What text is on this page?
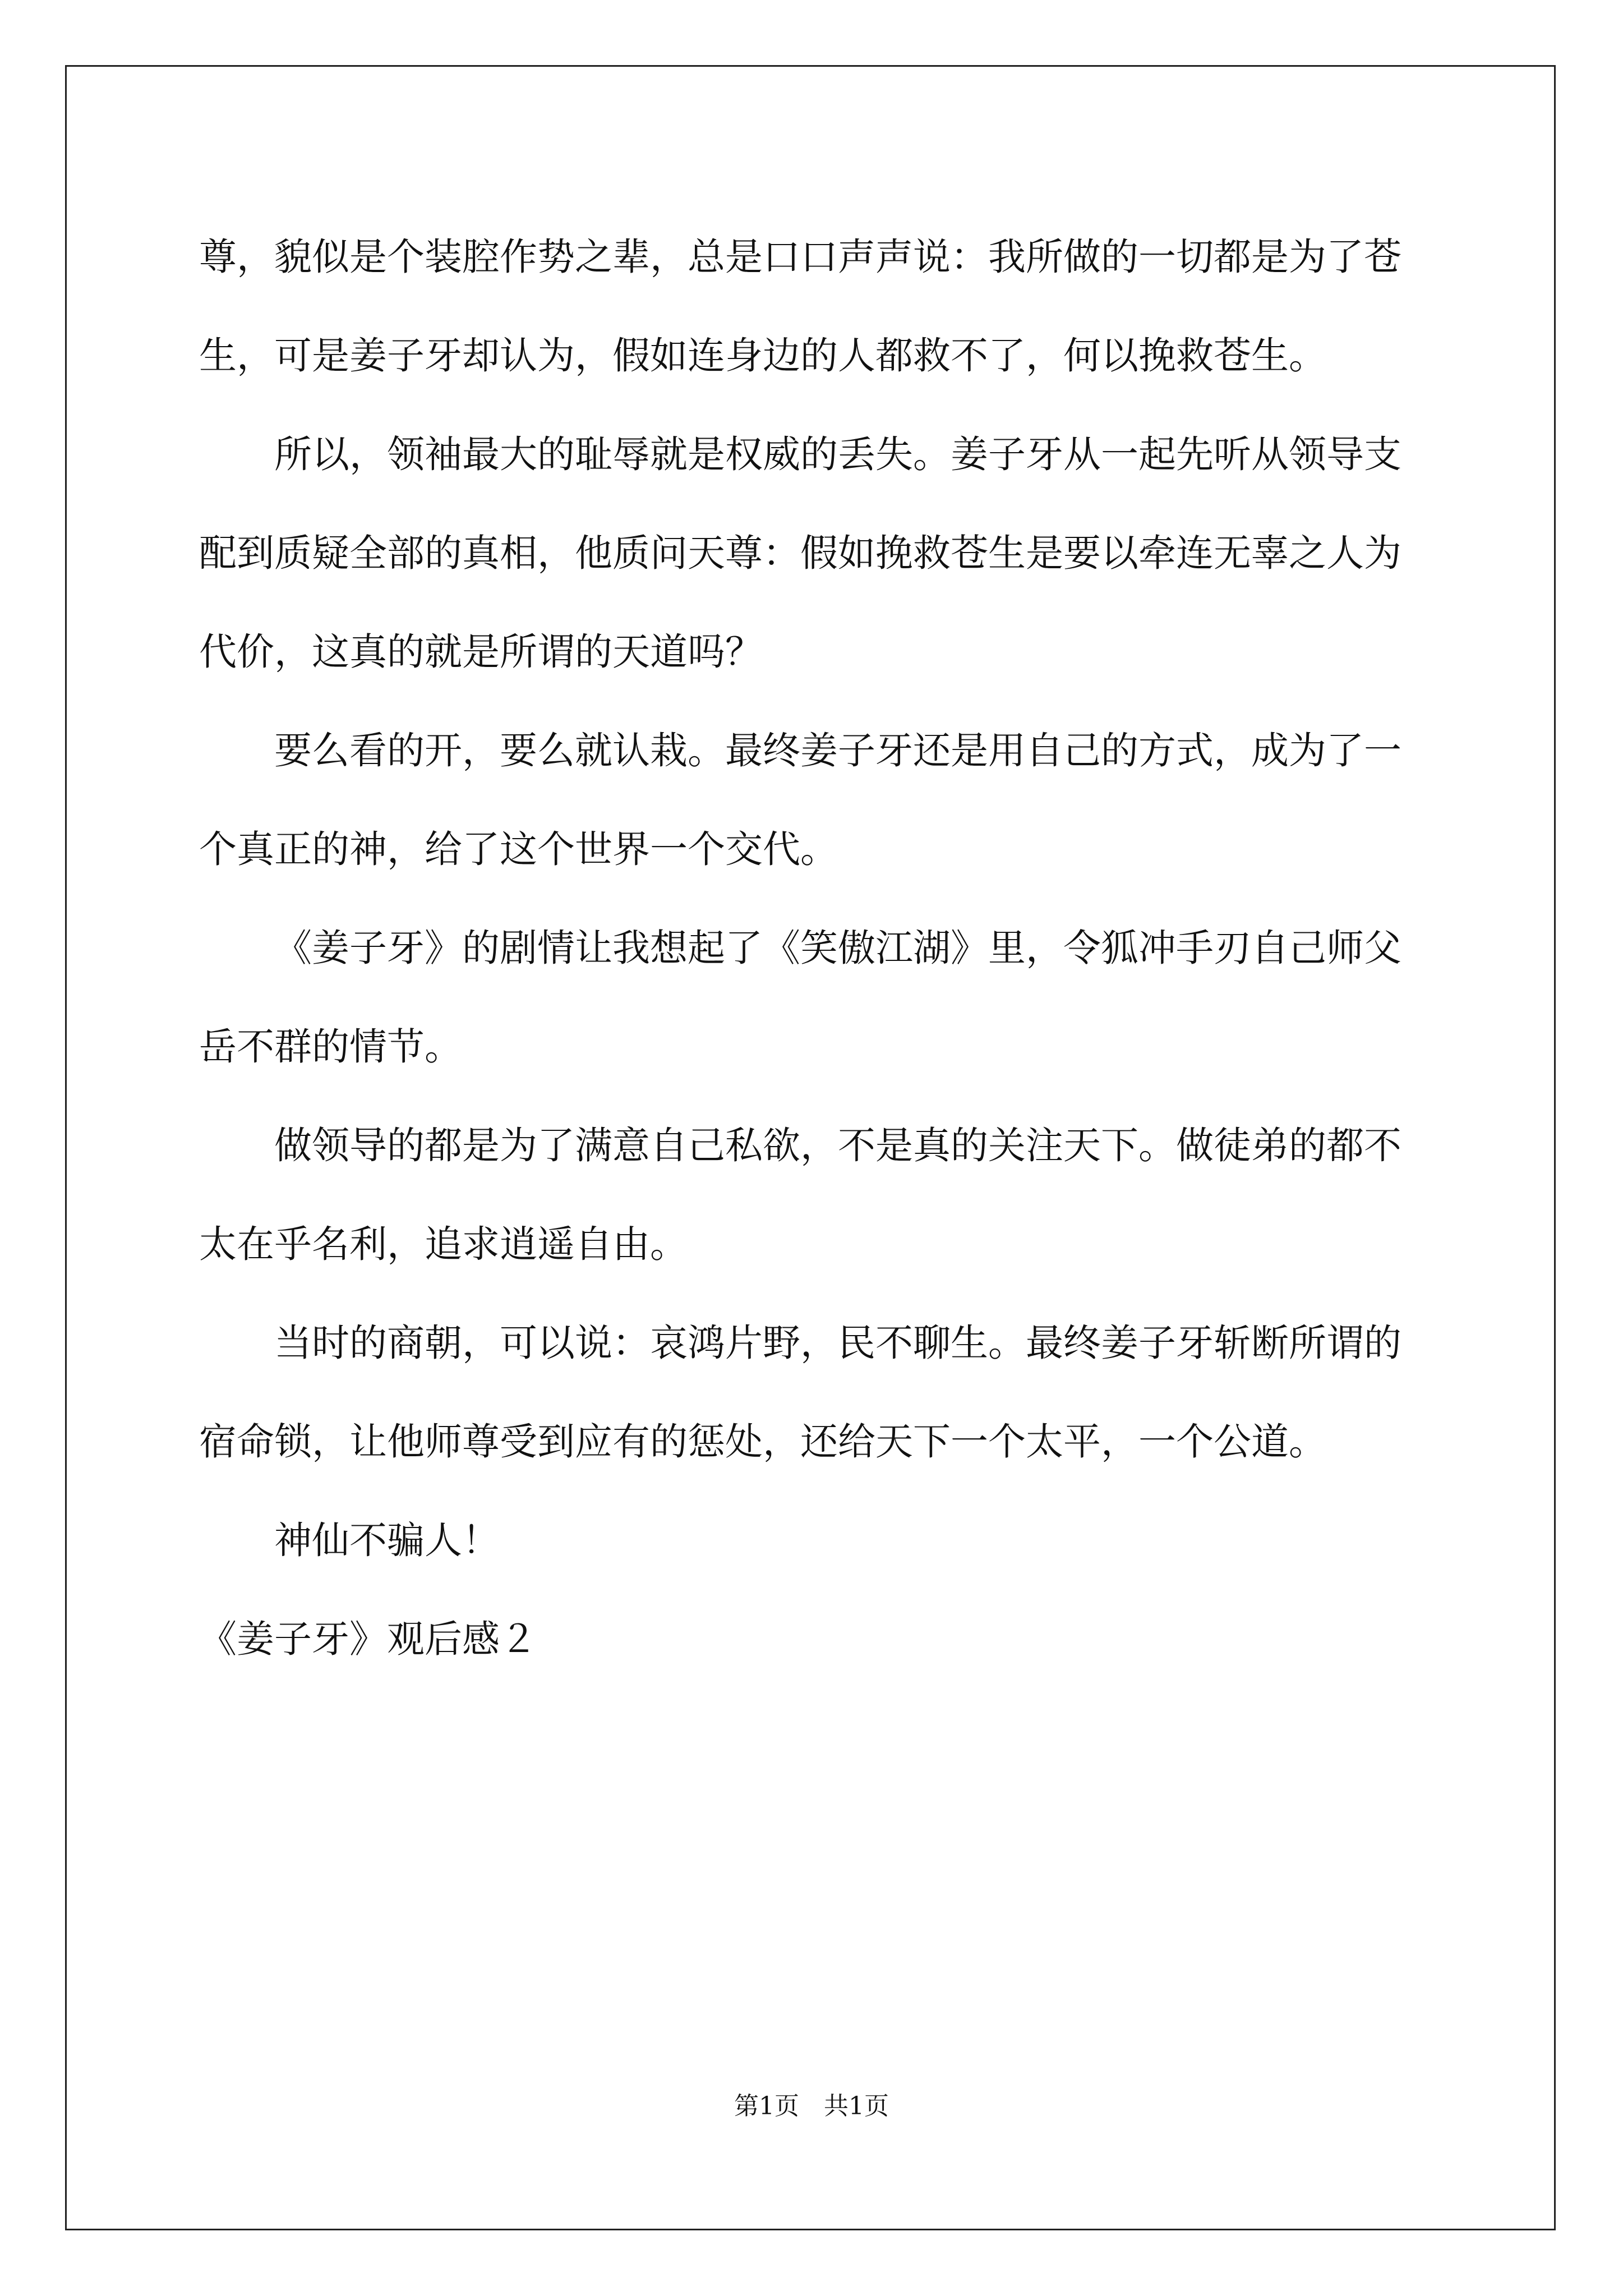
尊，貌似是个装腔作势之辈，总是口口声声说：我所做的一切都是为了苍生，可是姜子牙却认为，假如连身边的人都救不了，何以挽救苍生。

所以，领袖最大的耻辱就是权威的丢失。姜子牙从一起先听从领导支配到质疑全部的真相，他质问天尊：假如挽救苍生是要以牵连无辜之人为代价，这真的就是所谓的天道吗？

要么看的开，要么就认栽。最终姜子牙还是用自己的方式，成为了一个真正的神，给了这个世界一个交代。

《姜子牙》的剧情让我想起了《笑傲江湖》里，令狐冲手刃自己师父岳不群的情节。

做领导的都是为了满意自己私欲，不是真的关注天下。做徒弟的都不太在乎名利，追求逍遥自由。

当时的商朝，可以说：哀鸿片野，民不聊生。最终姜子牙斩断所谓的宿命锁，让他师尊受到应有的惩处，还给天下一个太平，一个公道。

神仙不骗人！

《姜子牙》观后感２

第1页　共1页
